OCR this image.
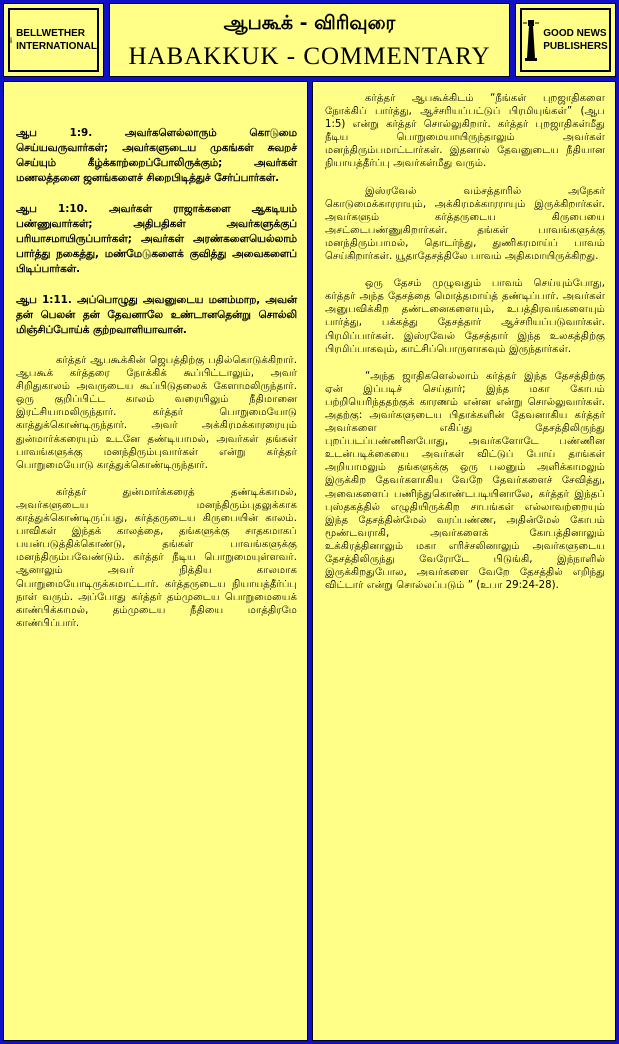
BELLWETHER
INTERNATIONAL
ஆபகூக் - விரிவுரை
HABAKKUK - COMMENTARY
GOOD NEWS
PUBLISHERS

ஆப 1:9. அவர்களெல்லாரும் கொடுமை செய்யவருவார்கள்; அவர்களுடைய முகங்கள் சுவறச் செய்யும் கீழ்க்காற்றைப்போலிருக்கும்; அவர்கள் மணலத்தனை ஜனங்களைச் சிறைபிடித்துச் சேர்ப்பார்கள்.

ஆப 1:10. அவர்கள் ராஜாக்களை ஆகடியம் பண்ணுவார்கள்; அதிபதிகள் அவர்களுக்குப் பரியாசமாயிருப்பார்கள்; அவர்கள் அரண்களையெல்லாம் பார்த்து நகைத்து, மண்மேடுகளைக் குவித்து அவைகளைப் பிடிப்பார்கள்.

ஆப 1:11. அப்பொழுது அவனுடைய மனம்மாற, அவன் தன் பெலன் தன் தேவனாலே உண்டானதென்று சொல்லி மிஞ்சிப்போய்க் குற்றவாளியாவான்.

கர்த்தர் ஆபகூக்கின் ஜெபத்திற்கு பதில்கொடுக்கிறார். ஆபகூக் கர்த்தரை நோக்கிக் கூப்பிட்டாலும், அவர் சிறிதுகாலம் அவருடைய கூப்பிடுதலைக் கேளாமலிருந்தார். ஒரு குறிப்பிட்ட காலம் வரையிலும் நீதிமானை இரட்சியாமலிருந்தார். கர்த்தர் பொறுமையோடு காத்துக்கொண்டிருந்தார். அவர் அக்கிரமக்காரரையும் துன்மார்க்கரையும் உடனே தண்டியாமல், அவர்கள் தங்கள் பாவங்களுக்கு மனந்திரும்புவார்கள் என்று கர்த்தர் பொறுமையோடு காத்துக்கொண்டிருந்தார்.

கர்த்தர் துன்மார்க்கரைத் தண்டிக்காமல், அவர்களுடைய மனந்திரும்புதலுக்காக காத்துக்கொண்டிருப்பது, கர்த்தருடைய கிருபையின் காலம். பாவிகள் இந்தக் காலத்தை, தங்களுக்கு சாதகமாகப் பயன்படுத்திக்கொண்டு, தங்கள் பாவங்களுக்கு மனந்திரும்பவேண்டும். கர்த்தர் நீடிய பொறுமையுள்ளவர். ஆனாலும் அவர் நித்திய காலமாக பொறுமையோடிருக்கமாட்டார். கர்த்தருடைய நியாயத்தீர்ப்பு நாள் வரும். அப்போது கர்த்தர் தம்முடைய பொறுமையைக் காண்பிக்காமல், தம்முடைய நீதியை மாத்திரமே காண்பிப்பார்.

கர்த்தர் ஆபகூக்கிடம் “நீங்கள் புறஜாதிகளை நோக்கிப் பார்த்து, ஆச்சரியப்பட்டுப் பிரமியுங்கள்” (ஆப 1:5) என்று கர்த்தர் சொல்லுகிறார். கர்த்தர் புறஜாதிகள்மீது நீடிய பொறுமையாயிருந்தாலும் அவர்கள் மனந்திரும்பமாட்டார்கள். இதனால் தேவனுடைய நீதியான நியாயத்தீர்ப்பு அவர்கள்மீது வரும்.

இஸ்ரவேல் வம்சத்தாரில் அநேகர் கொடுமைக்காரராயும், அக்கிரமக்காரராயும் இருக்கிறார்கள். அவர்களும் கர்த்தருடைய கிருபையை அசட்டைபண்ணுகிறார்கள். தங்கள் பாவங்களுக்கு மனந்திரும்பாமல், தொடர்ந்து, துணிகரமாய்ப் பாவம் செய்கிறார்கள். யூதாதேசத்திலே பாவம் அதிகமாயிருக்கிறது.

ஒரு தேசம் முழுவதும் பாவம் செய்யும்போது, கர்த்தர் அந்த தேசத்தை மொத்தமாய்த் தண்டிப்பார். அவர்கள் அனுபவிக்கிற தண்டனைகளையும், உபத்திரவங்களையும் பார்த்து, பக்கத்து தேசத்தார் ஆச்சரியப்படுவார்கள். பிரமிப்பார்கள். இஸ்ரவேல் தேசத்தார் இந்த உலகத்திற்கு பிரமிப்பாகவும், காட்சிப்பொருளாகவும் இருந்தார்கள்.

“அந்த ஜாதிகளெல்லாம் கர்த்தர் இந்த தேசத்திற்கு ஏன் இப்படிச் செய்தார்; இந்த மகா கோபம் பற்றியெரிந்ததற்குக் காரணம் என்ன என்று சொல்லுவார்கள். அதற்கு: அவர்களுடைய பிதாக்களின் தேவனாகிய கர்த்தர் அவர்களை எகிப்து தேசத்திலிருந்து புறப்படப்பண்ணினபோது, அவர்களோடே பண்ணின உடன்படிக்கையை அவர்கள் விட்டுப் போய் தாங்கள் அறியாமலும் தங்களுக்கு ஒரு பலனும் அளிக்காமலும் இருக்கிற தேவர்களாகிய வேறே தேவர்களைச் சேவித்து, அவைகளைப் பணிந்துகொண்டபடியினாலே, கர்த்தர் இந்தப் புஸ்தகத்தில் எழுதியிருக்கிற சாபங்கள் எல்லாவற்றையும் இந்த தேசத்தின்மேல் வரப்பண்ண, அதின்மேல் கோபம் மூண்டவராகி, அவர்களைக் கோபத்தினாலும் உக்கிரத்தினாலும் மகா எரிச்சலினாலும் அவர்களுடைய தேசத்திலிருந்து வேரோடே பிடுங்கி, இந்நாளில் இருக்கிறதுபோல, அவர்களை வேறே தேசத்தில் எறிந்து விட்டார் என்று சொல்லப்படும் ” (உபா 29:24-28).
